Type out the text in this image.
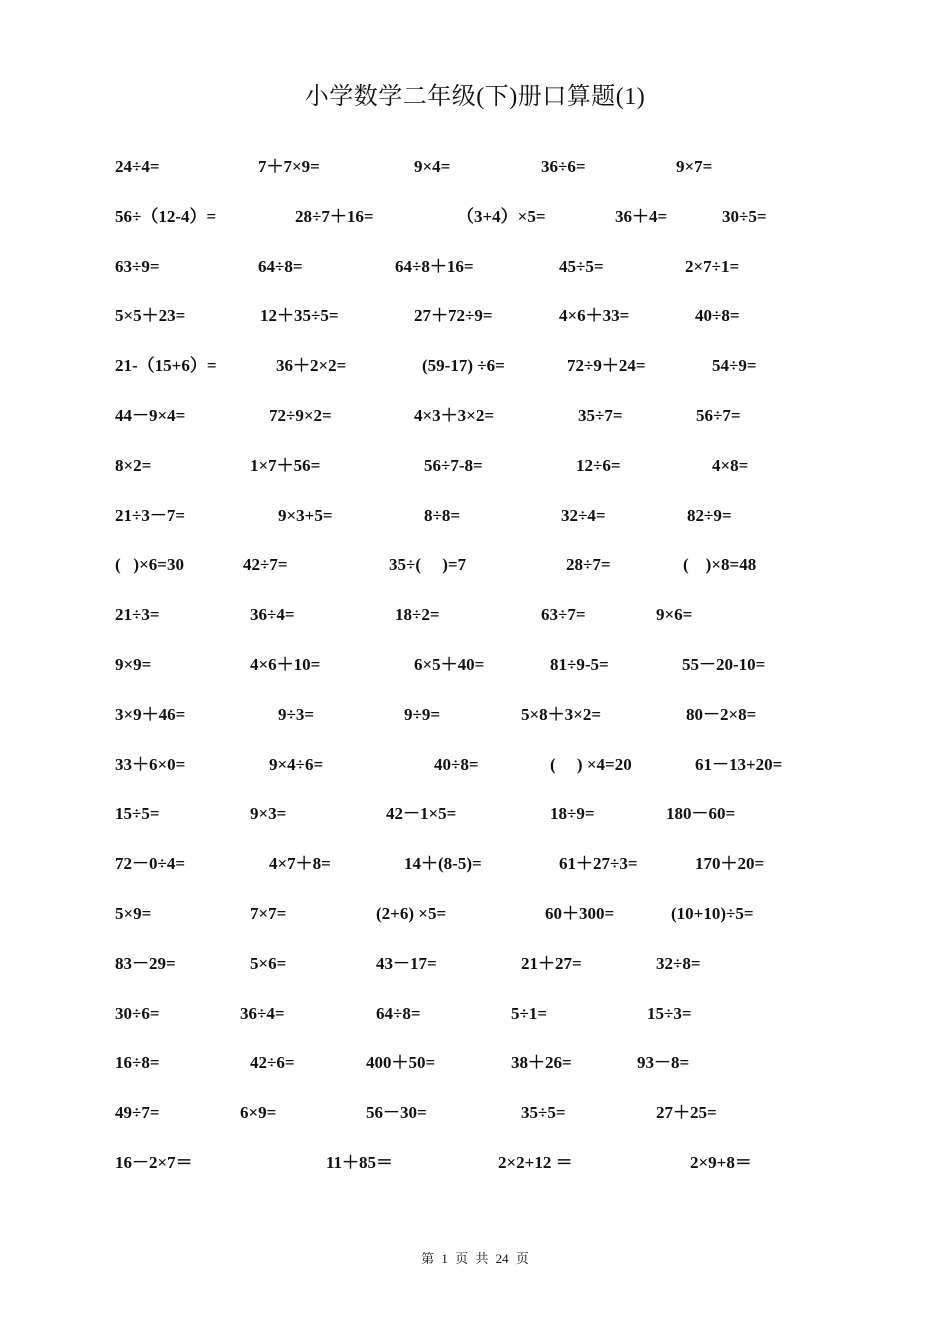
小学数学二年级(下)册口算题(1)
24÷4=	7＋7×9=	9×4=	36÷6=	9×7=
56÷（12-4）=	28÷7＋16=	（3+4）×5=	36＋4=	30÷5=
63÷9=	64÷8=	64÷8＋16=	45÷5=	2×7÷1=
5×5＋23=	12＋35÷5=	27＋72÷9=	4×6＋33=	40÷8=
21-（15+6）=	36＋2×2=	(59-17) ÷6=	72÷9＋24=	54÷9=
44－9×4=	72÷9×2=	4×3＋3×2=	35÷7=	56÷7=
8×2=	1×7＋56=	56÷7-8=	12÷6=	4×8=
21÷3－7=	9×3+5=	8÷8=	32÷4=	82÷9=
(   )×6=30	42÷7=	35÷(     )=7	28÷7=	(    )×8=48
21÷3=	36÷4=	18÷2=	63÷7=	9×6=
9×9=	4×6＋10=	6×5＋40=	81÷9-5=	55－20-10=
3×9＋46=	9÷3=	9÷9=	5×8＋3×2=	80－2×8=
33＋6×0=	9×4÷6=	40÷8=	(     ) ×4=20	61－13+20=
15÷5=	9×3=	42－1×5=	18÷9=	180－60=
72－0÷4=	4×7＋8=	14＋(8-5)=	61＋27÷3=	170＋20=
5×9=	7×7=	(2+6) ×5=	60＋300=	(10+10)÷5=
83－29=	5×6=	43－17=	21＋27=	32÷8=
30÷6=	36÷4=	64÷8=	5÷1=	15÷3=
16÷8=	42÷6=	400＋50=	38＋26=	93－8=
49÷7=	6×9=	56－30=	35÷5=	27＋25=
16－2×7＝	11＋85＝	2×2+12 ＝	2×9+8＝
第 1 页 共 24 页
